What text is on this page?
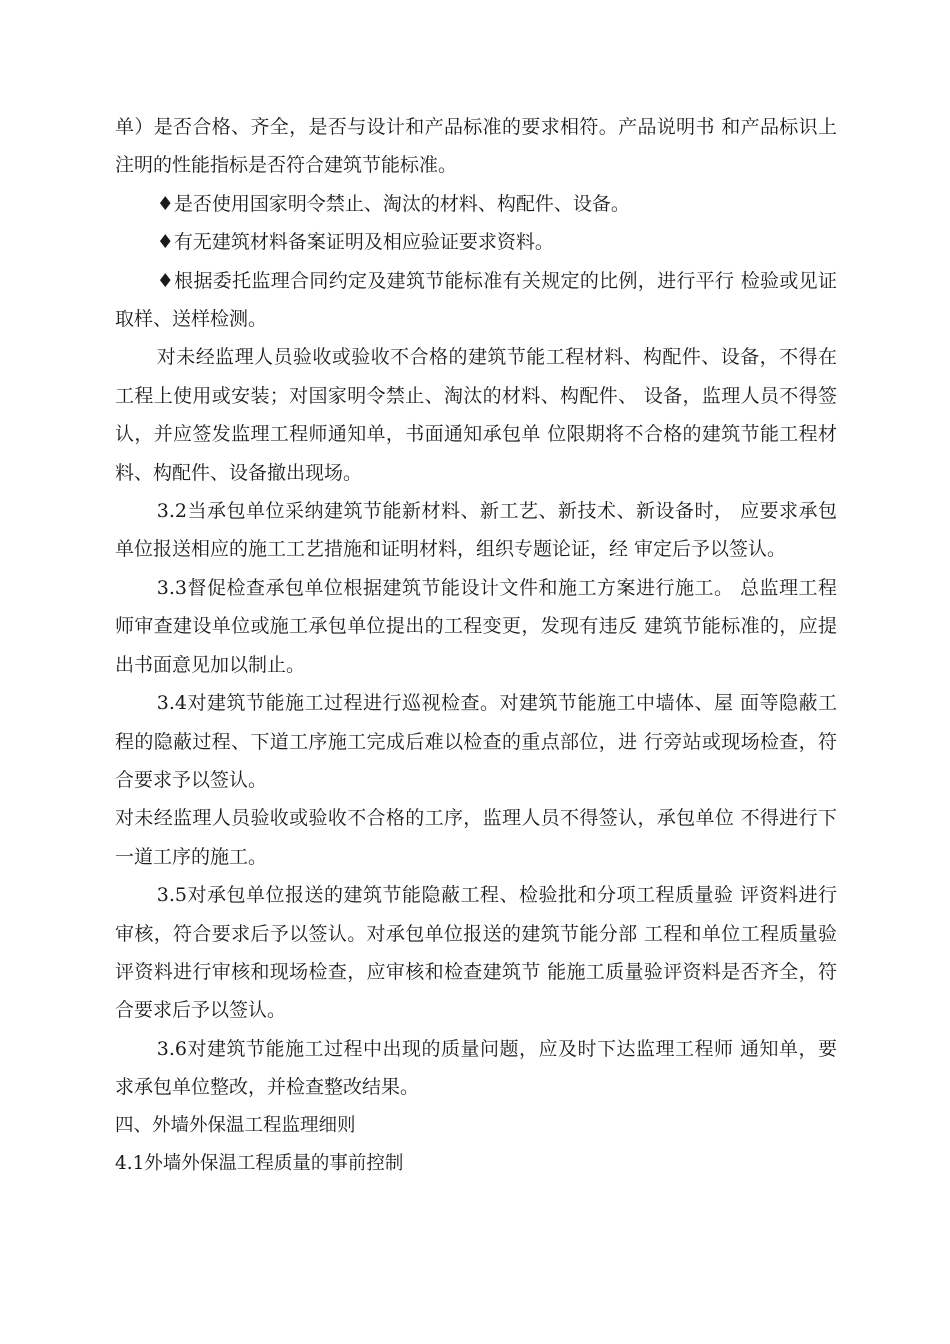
单）是否合格、齐全，是否与设计和产品标准的要求相符。产品说明书 和产品标识上注明的性能指标是否符合建筑节能标准。

♦是否使用国家明令禁止、淘汰的材料、构配件、设备。

♦有无建筑材料备案证明及相应验证要求资料。

♦根据委托监理合同约定及建筑节能标准有关规定的比例，进行平行 检验或见证取样、送样检测。

对未经监理人员验收或验收不合格的建筑节能工程材料、构配件、设备，不得在工程上使用或安装；对国家明令禁止、淘汰的材料、构配件、 设备，监理人员不得签认，并应签发监理工程师通知单，书面通知承包单 位限期将不合格的建筑节能工程材料、构配件、设备撤出现场。

3.2当承包单位采纳建筑节能新材料、新工艺、新技术、新设备时， 应要求承包单位报送相应的施工工艺措施和证明材料，组织专题论证，经 审定后予以签认。

3.3督促检查承包单位根据建筑节能设计文件和施工方案进行施工。 总监理工程师审查建设单位或施工承包单位提出的工程变更，发现有违反 建筑节能标准的，应提出书面意见加以制止。

3.4对建筑节能施工过程进行巡视检查。对建筑节能施工中墙体、屋 面等隐蔽工程的隐蔽过程、下道工序施工完成后难以检查的重点部位，进 行旁站或现场检查，符合要求予以签认。

对未经监理人员验收或验收不合格的工序，监理人员不得签认，承包单位 不得进行下一道工序的施工。

3.5对承包单位报送的建筑节能隐蔽工程、检验批和分项工程质量验 评资料进行审核，符合要求后予以签认。对承包单位报送的建筑节能分部 工程和单位工程质量验评资料进行审核和现场检查，应审核和检查建筑节 能施工质量验评资料是否齐全，符合要求后予以签认。

3.6对建筑节能施工过程中出现的质量问题，应及时下达监理工程师 通知单，要求承包单位整改，并检查整改结果。

四、外墙外保温工程监理细则

4.1外墙外保温工程质量的事前控制
